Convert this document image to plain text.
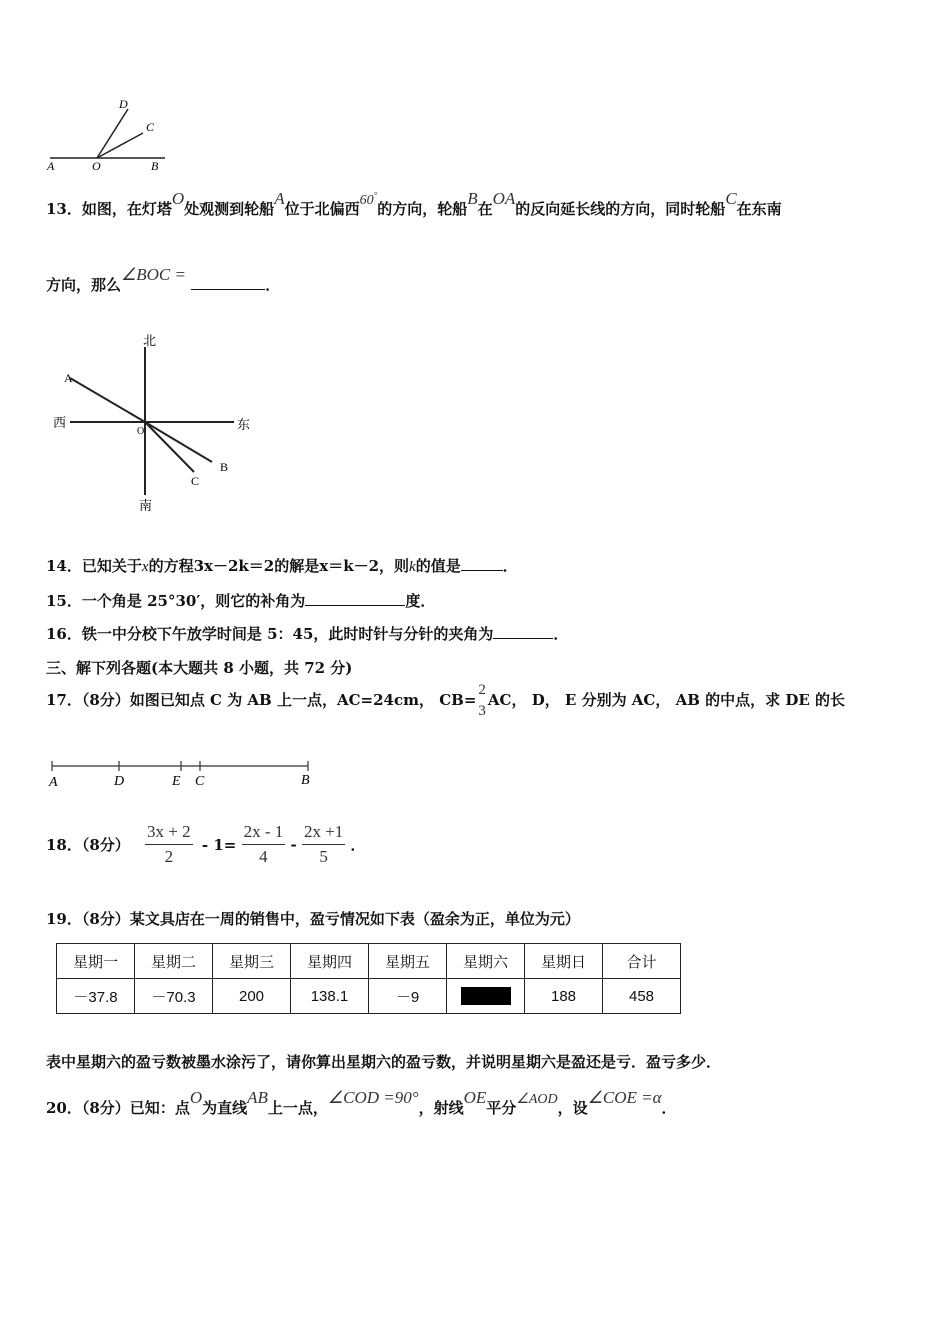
D
C
A	O	B
13．如图，在灯塔O处观测到轮船A位于北偏西60°的方向，轮船B在OA的反向延长线的方向，同时轮船C在东南
方向，那么∠BOC = ．
北
南
西	东
A
O
B
C
14．已知关于x的方程3x－2k＝2的解是x＝k－2，则k的值是	．
15．一个角是 25°30′，则它的补角为	度．
16．铁一中分校下午放学时间是 5：45，此时时针与分针的夹角为	．
三、解下列各题(本大题共 8 小题，共 72 分)
17．（8分）如图已知点 C 为 AB 上一点，AC=24cm， CB=
2
3
AC， D， E 分别为 AC， AB 的中点，求 DE 的长
A	D	E C	B
18．（8分） $\frac{3x + 2}{2} - 1= \frac{2x - 1}{4} - \frac{2x +1}{5}$ ．
19．（8分）某文具店在一周的销售中，盈亏情况如下表（盈余为正，单位为元）
星期一	星期二	星期三	星期四	星期五	星期六	星期日	合计
－37.8	－70.3	200	138.1	－9		188	458
表中星期六的盈亏数被墨水涂污了，请你算出星期六的盈亏数，并说明星期六是盈还是亏．盈亏多少．
20．（8分）已知：点O为直线AB上一点，∠COD =90°，射线OE平分∠AOD，设∠COE =α．
